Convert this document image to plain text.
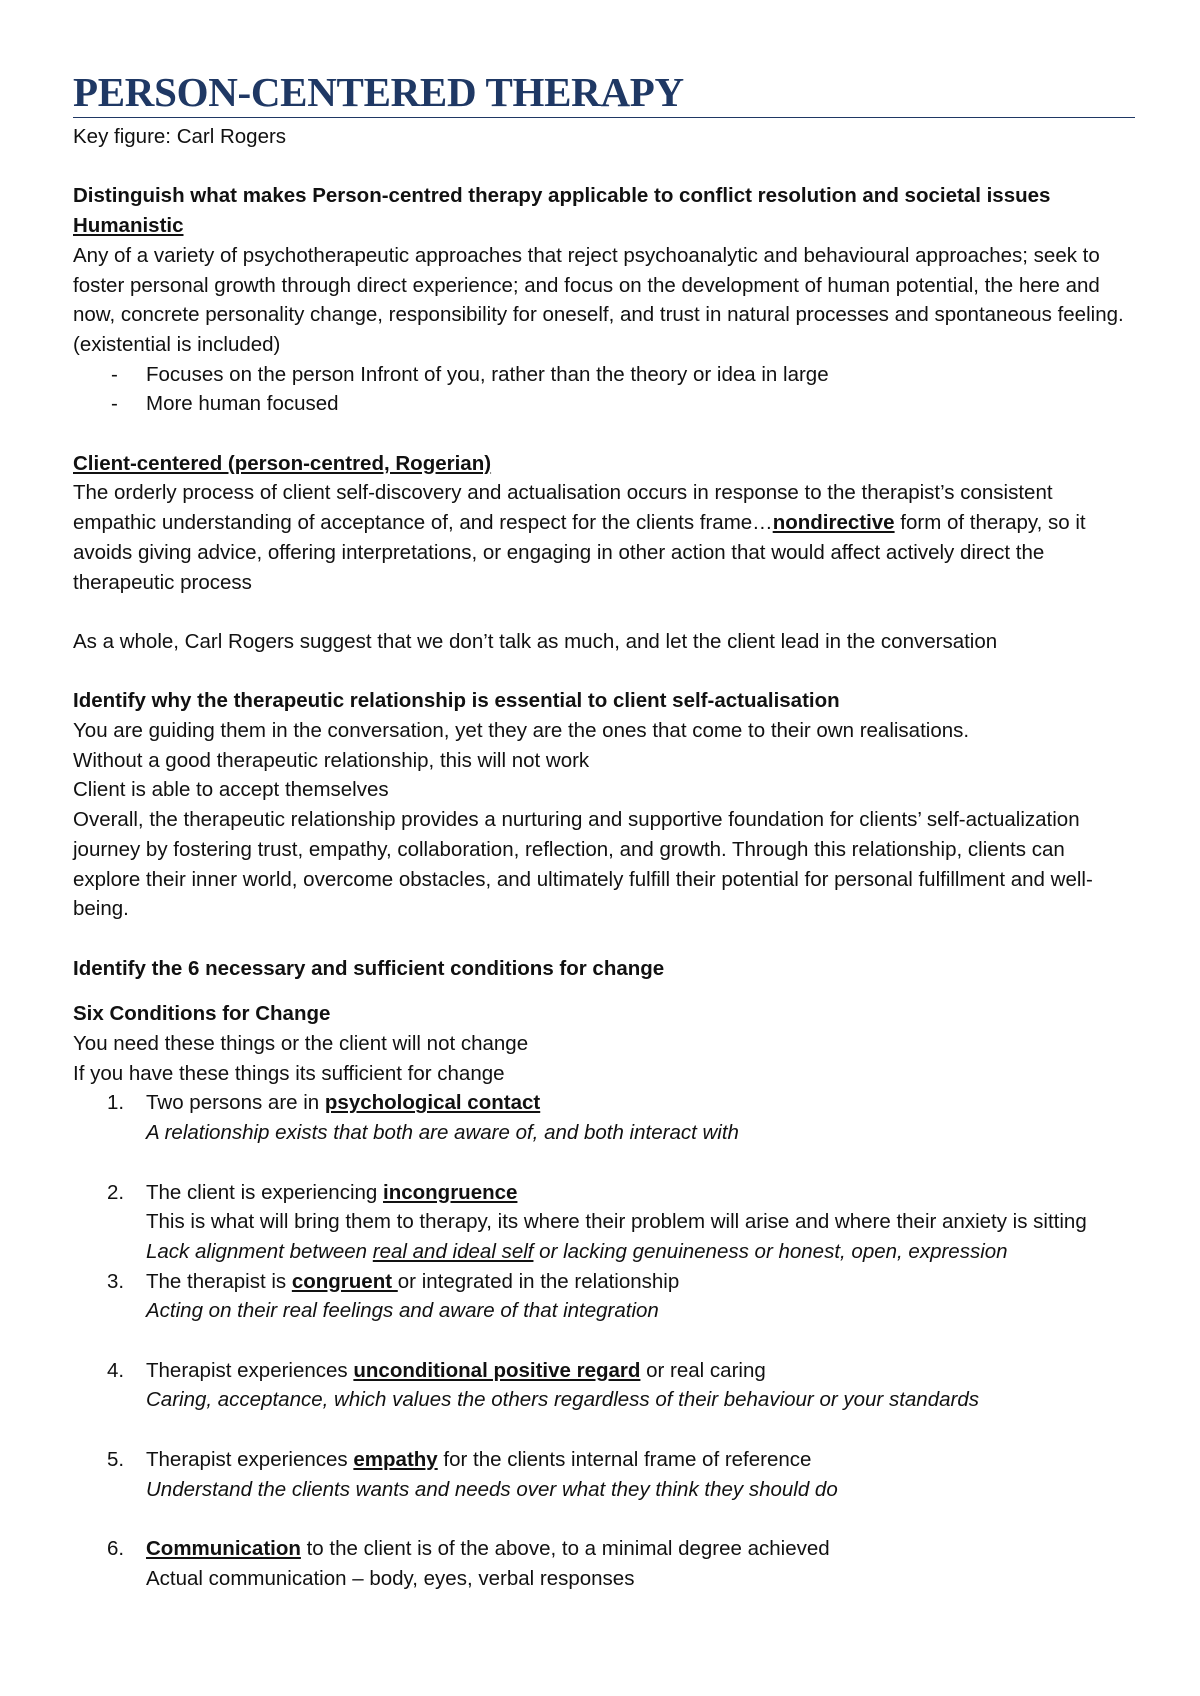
PERSON-CENTERED THERAPY

Key figure: Carl Rogers

Distinguish what makes Person-centred therapy applicable to conflict resolution and societal issues

Humanistic

Any of a variety of psychotherapeutic approaches that reject psychoanalytic and behavioural approaches; seek to foster personal growth through direct experience; and focus on the development of human potential, the here and now, concrete personality change, responsibility for oneself, and trust in natural processes and spontaneous feeling. (existential is included)

- Focuses on the person Infront of you, rather than the theory or idea in large
- More human focused

Client-centered (person-centred, Rogerian)

The orderly process of client self-discovery and actualisation occurs in response to the therapist’s consistent empathic understanding of acceptance of, and respect for the clients frame…nondirective form of therapy, so it avoids giving advice, offering interpretations, or engaging in other action that would affect actively direct the therapeutic process

As a whole, Carl Rogers suggest that we don’t talk as much, and let the client lead in the conversation

Identify why the therapeutic relationship is essential to client self-actualisation

You are guiding them in the conversation, yet they are the ones that come to their own realisations.

Without a good therapeutic relationship, this will not work

Client is able to accept themselves

Overall, the therapeutic relationship provides a nurturing and supportive foundation for clients’ self-actualization journey by fostering trust, empathy, collaboration, reflection, and growth. Through this relationship, clients can explore their inner world, overcome obstacles, and ultimately fulfill their potential for personal fulfillment and well-being.

Identify the 6 necessary and sufficient conditions for change

Six Conditions for Change

You need these things or the client will not change

If you have these things its sufficient for change

1. Two persons are in psychological contact

A relationship exists that both are aware of, and both interact with

2. The client is experiencing incongruence

This is what will bring them to therapy, its where their problem will arise and where their anxiety is sitting

Lack alignment between real and ideal self or lacking genuineness or honest, open, expression

3. The therapist is congruent or integrated in the relationship

Acting on their real feelings and aware of that integration

4. Therapist experiences unconditional positive regard or real caring

Caring, acceptance, which values the others regardless of their behaviour or your standards

5. Therapist experiences empathy for the clients internal frame of reference

Understand the clients wants and needs over what they think they should do

6. Communication to the client is of the above, to a minimal degree achieved

Actual communication – body, eyes, verbal responses
